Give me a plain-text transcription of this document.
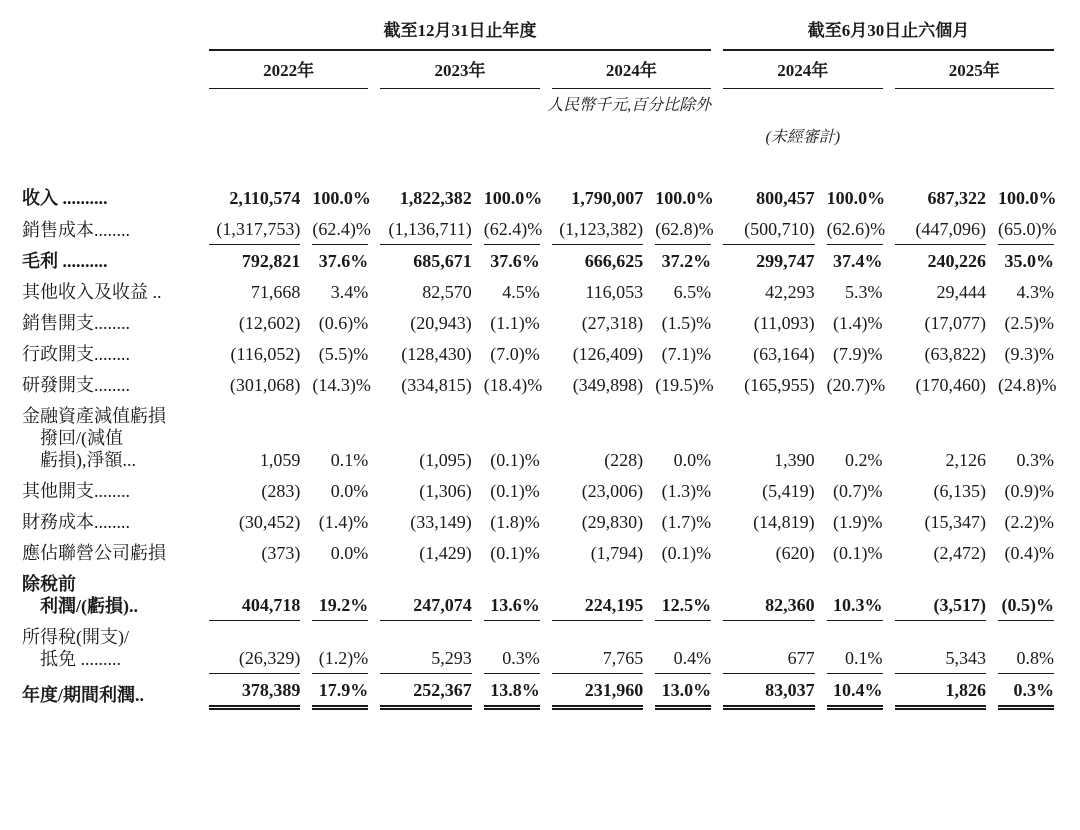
	截至12月31日止年度						截至6月30日止六個月			
	2022年		2023年		2024年		2024年		2025年	
			人民幣千元,百分比除外							
							(未經審計)			

收入 ..........	2,110,574	100.0%	1,822,382	100.0%	1,790,007	100.0%	800,457	100.0%	687,322	100.0%

銷售成本........	(1,317,753)	(62.4)%	(1,136,711)	(62.4)%	(1,123,382)	(62.8)%	(500,710)	(62.6)%	(447,096)	(65.0)%

毛利 ..........	792,821	37.6%	685,671	37.6%	666,625	37.2%	299,747	37.4%	240,226	35.0%

其他收入及收益 ..	71,668	3.4%	82,570	4.5%	116,053	6.5%	42,293	5.3%	29,444	4.3%

銷售開支........	(12,602)	(0.6)%	(20,943)	(1.1)%	(27,318)	(1.5)%	(11,093)	(1.4)%	(17,077)	(2.5)%

行政開支........	(116,052)	(5.5)%	(128,430)	(7.0)%	(126,409)	(7.1)%	(63,164)	(7.9)%	(63,822)	(9.3)%

研發開支........	(301,068)	(14.3)%	(334,815)	(18.4)%	(349,898)	(19.5)%	(165,955)	(20.7)%	(170,460)	(24.8)%

金融資產減值虧損
撥回/(減值
虧損),淨額...	1,059	0.1%	(1,095)	(0.1)%	(228)	0.0%	1,390	0.2%	2,126	0.3%

其他開支........	(283)	0.0%	(1,306)	(0.1)%	(23,006)	(1.3)%	(5,419)	(0.7)%	(6,135)	(0.9)%

財務成本........	(30,452)	(1.4)%	(33,149)	(1.8)%	(29,830)	(1.7)%	(14,819)	(1.9)%	(15,347)	(2.2)%

應佔聯營公司虧損	(373)	0.0%	(1,429)	(0.1)%	(1,794)	(0.1)%	(620)	(0.1)%	(2,472)	(0.4)%

除稅前
利潤/(虧損)..	404,718	19.2%	247,074	13.6%	224,195	12.5%	82,360	10.3%	(3,517)	(0.5)%

所得稅(開支)/
抵免 .........	(26,329)	(1.2)%	5,293	0.3%	7,765	0.4%	677	0.1%	5,343	0.8%

年度/期間利潤..	378,389	17.9%	252,367	13.8%	231,960	13.0%	83,037	10.4%	1,826	0.3%
